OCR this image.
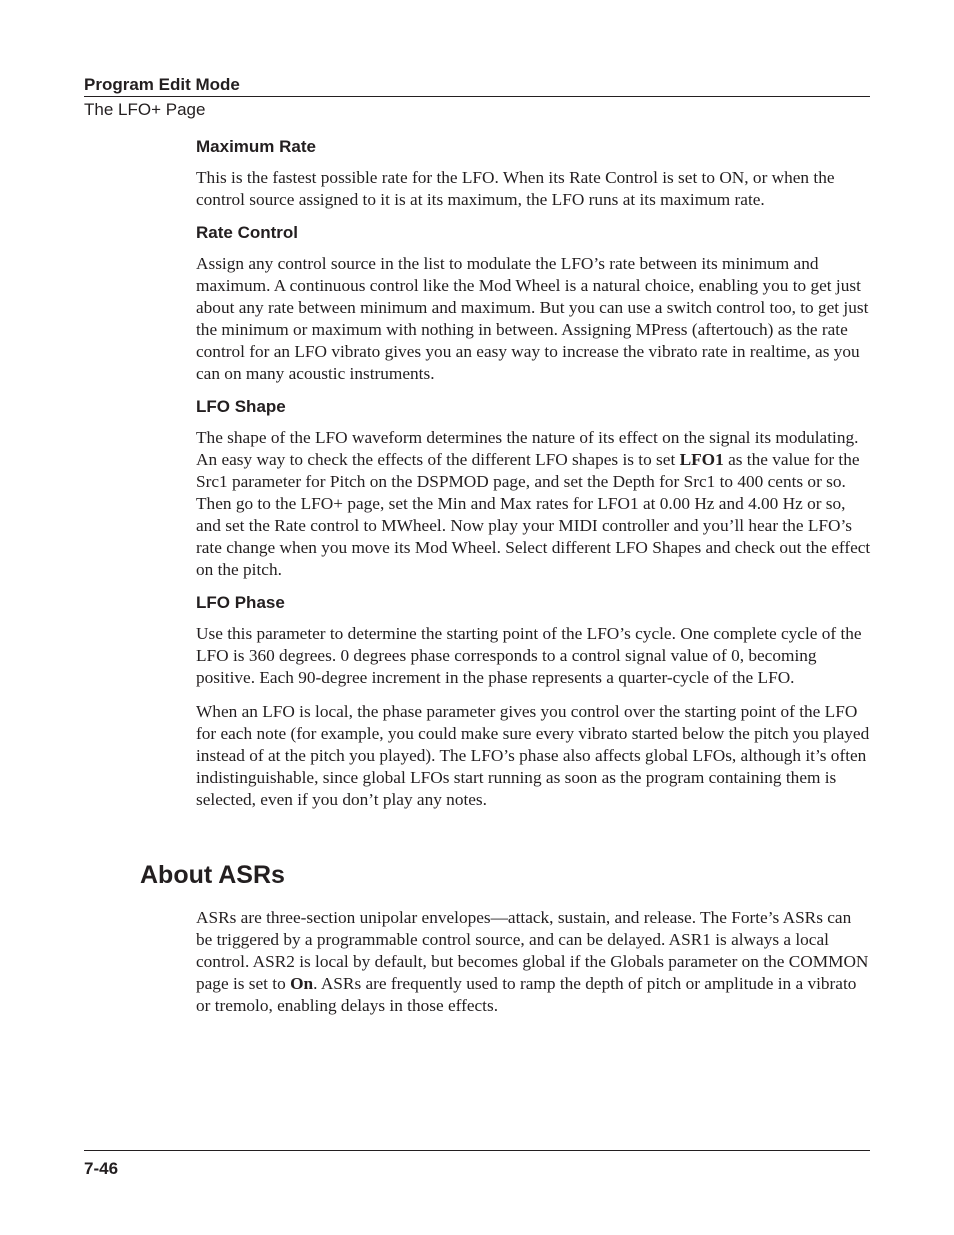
Program Edit Mode
The LFO+ Page
Maximum Rate

This is the fastest possible rate for the LFO. When its Rate Control is set to ON, or when the control source assigned to it is at its maximum, the LFO runs at its maximum rate.

Rate Control

Assign any control source in the list to modulate the LFO’s rate between its minimum and maximum. A continuous control like the Mod Wheel is a natural choice, enabling you to get just about any rate between minimum and maximum. But you can use a switch control too, to get just the minimum or maximum with nothing in between. Assigning MPress (aftertouch) as the rate control for an LFO vibrato gives you an easy way to increase the vibrato rate in realtime, as you can on many acoustic instruments.

LFO Shape

The shape of the LFO waveform determines the nature of its effect on the signal its modulating. An easy way to check the effects of the different LFO shapes is to set LFO1 as the value for the Src1 parameter for Pitch on the DSPMOD page, and set the Depth for Src1 to 400 cents or so. Then go to the LFO+ page, set the Min and Max rates for LFO1 at 0.00 Hz and 4.00 Hz or so, and set the Rate control to MWheel. Now play your MIDI controller and you’ll hear the LFO’s rate change when you move its Mod Wheel. Select different LFO Shapes and check out the effect on the pitch.

LFO Phase

Use this parameter to determine the starting point of the LFO’s cycle. One complete cycle of the LFO is 360 degrees. 0 degrees phase corresponds to a control signal value of 0, becoming positive. Each 90-degree increment in the phase represents a quarter-cycle of the LFO.

When an LFO is local, the phase parameter gives you control over the starting point of the LFO for each note (for example, you could make sure every vibrato started below the pitch you played instead of at the pitch you played). The LFO’s phase also affects global LFOs, although it’s often indistinguishable, since global LFOs start running as soon as the program containing them is selected, even if you don’t play any notes.

About ASRs

ASRs are three-section unipolar envelopes—attack, sustain, and release. The Forte’s ASRs can be triggered by a programmable control source, and can be delayed. ASR1 is always a local control. ASR2 is local by default, but becomes global if the Globals parameter on the COMMON page is set to On. ASRs are frequently used to ramp the depth of pitch or amplitude in a vibrato or tremolo, enabling delays in those effects.

7-46
